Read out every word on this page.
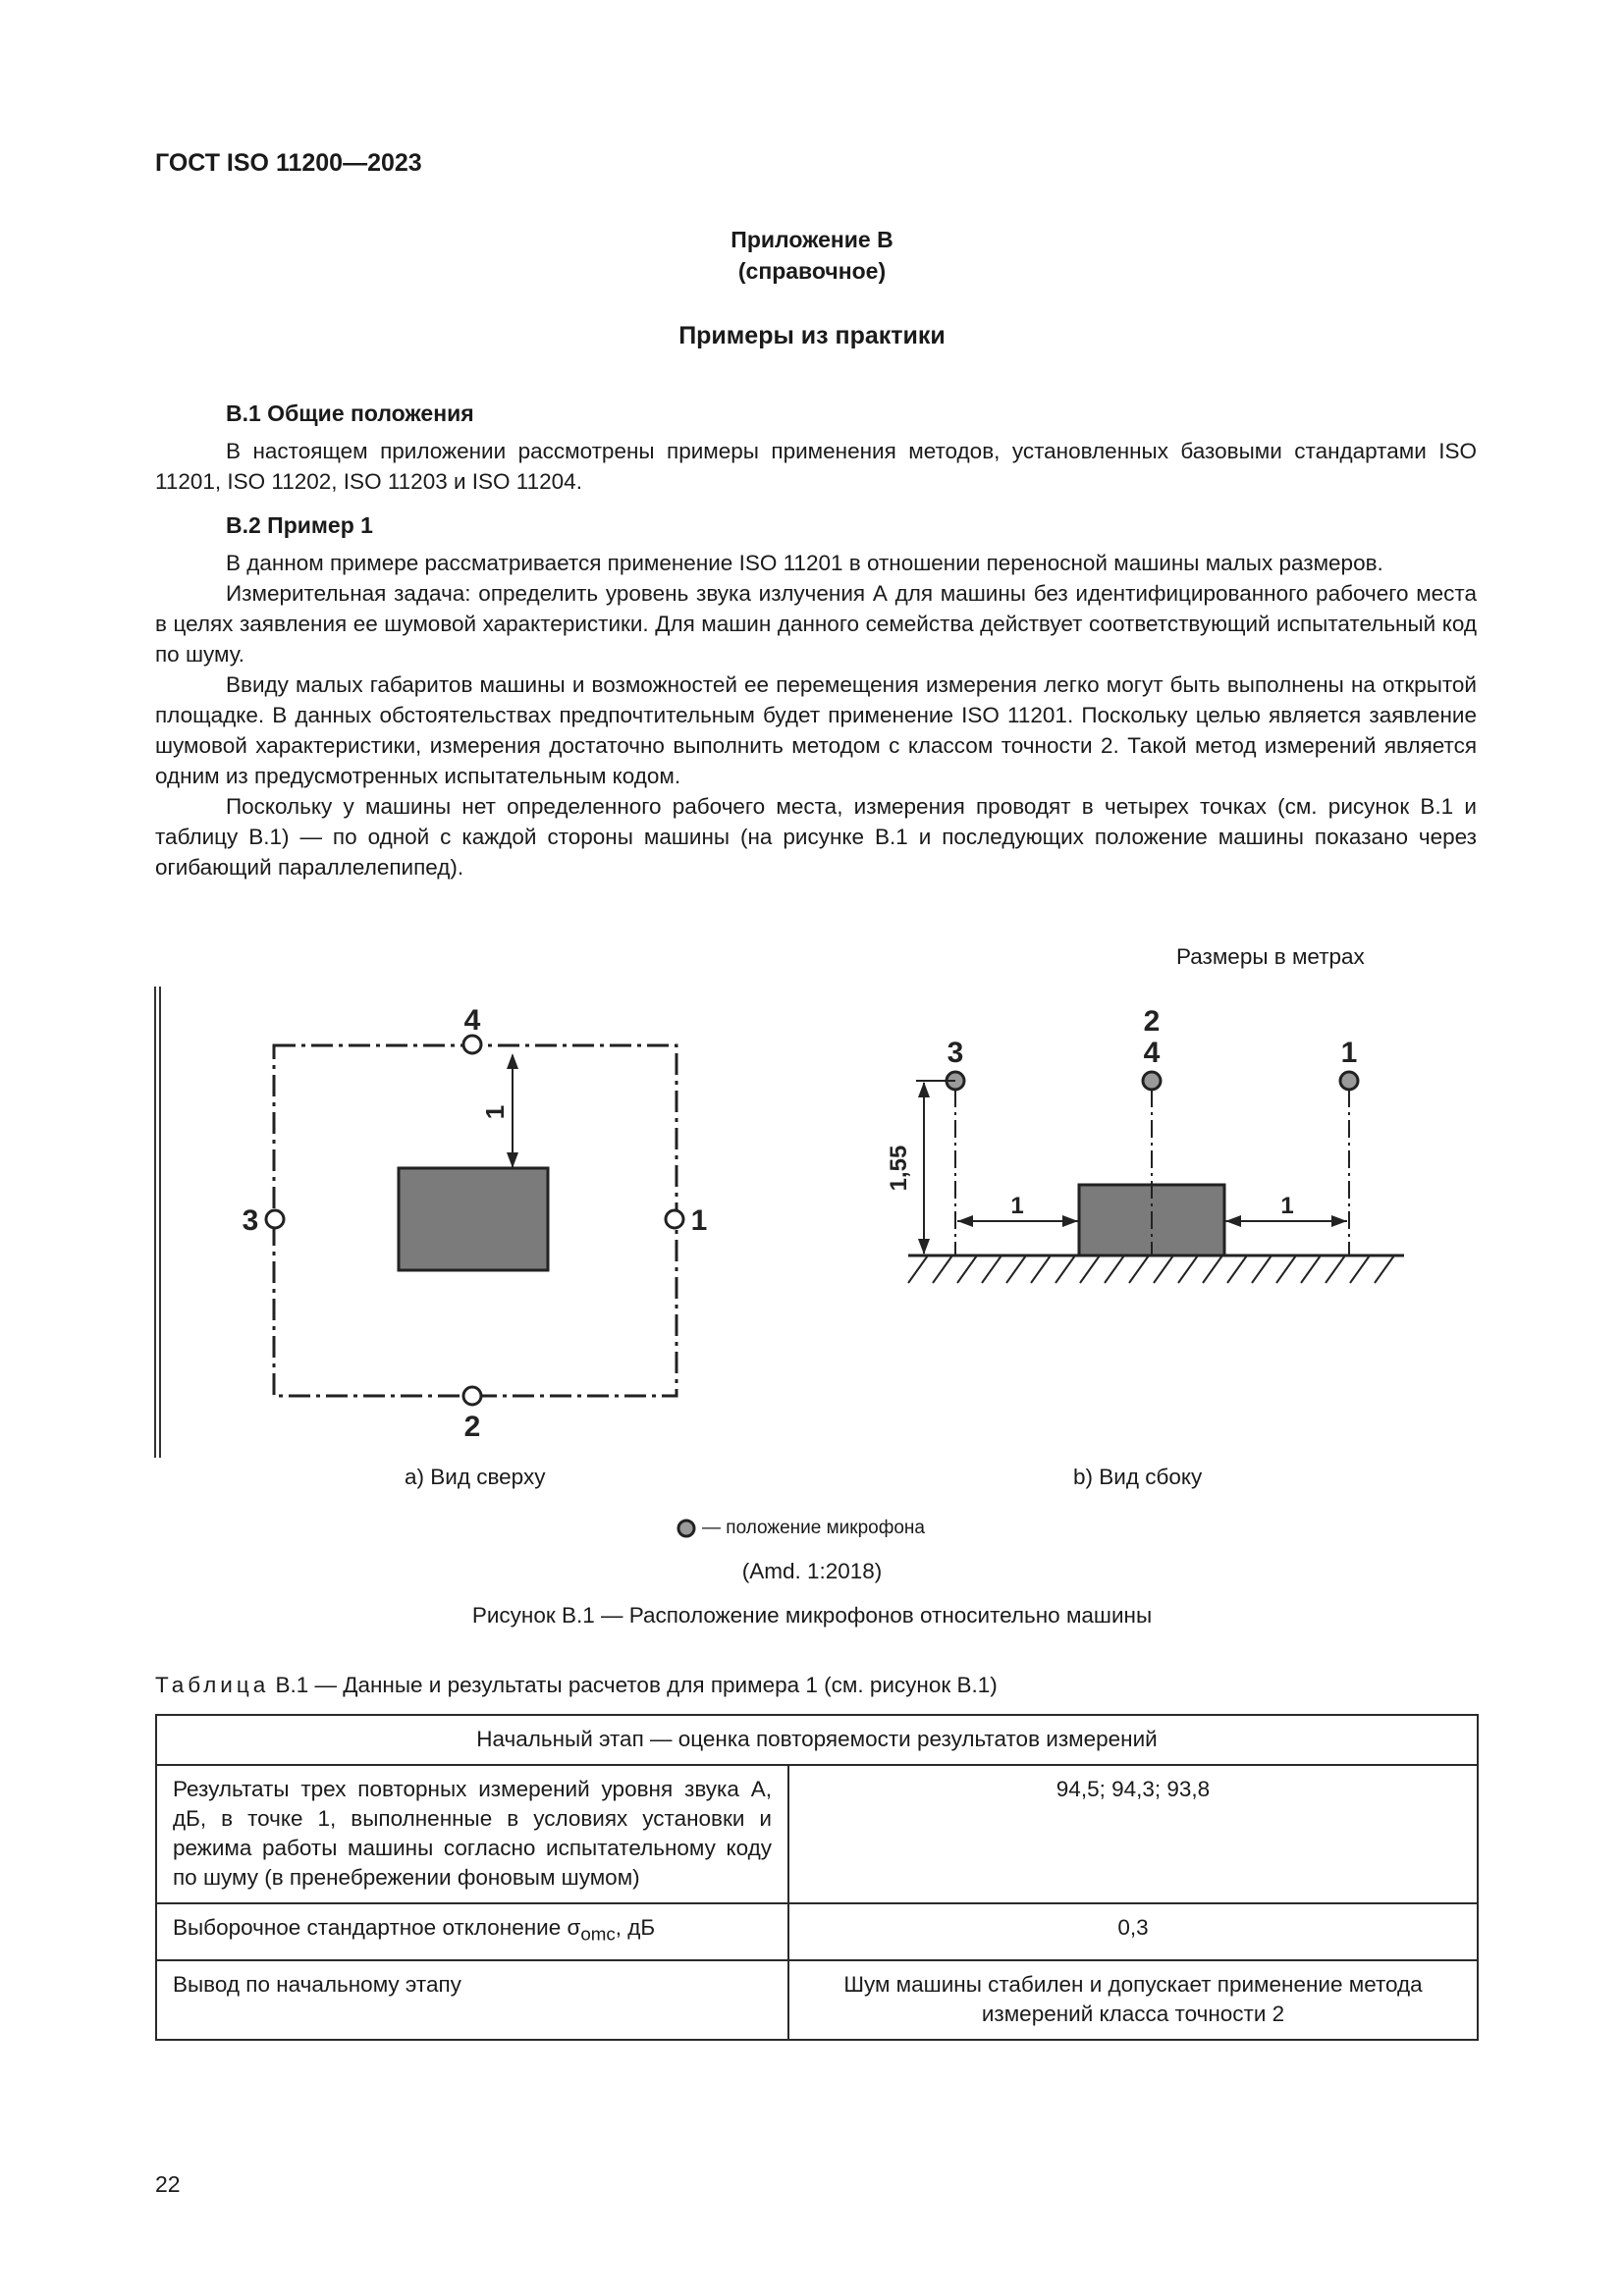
ГОСТ ISO 11200—2023
Приложение В
(справочное)
Примеры из практики
В.1 Общие положения

В настоящем приложении рассмотрены примеры применения методов, установленных базовыми стандартами ISO 11201, ISO 11202, ISO 11203 и ISO 11204.

В.2 Пример 1

В данном примере рассматривается применение ISO 11201 в отношении переносной машины малых размеров.

Измерительная задача: определить уровень звука излучения А для машины без идентифицированного рабочего места в целях заявления ее шумовой характеристики. Для машин данного семейства действует соответствующий испытательный код по шуму.

Ввиду малых габаритов машины и возможностей ее перемещения измерения легко могут быть выполнены на открытой площадке. В данных обстоятельствах предпочтительным будет применение ISO 11201. Поскольку целью является заявление шумовой характеристики, измерения достаточно выполнить методом с классом точности 2. Такой метод измерений является одним из предусмотренных испытательным кодом.

Поскольку у машины нет определенного рабочего места, измерения проводят в четырех точках (см. рисунок В.1 и таблицу В.1) — по одной с каждой стороны машины (на рисунке В.1 и последующих положение машины показано через огибающий параллелепипед).

Размеры в метрах
4
2
3	1
1
3
2
4	1
1,55
1	1
а) Вид сверху	b) Вид сбоку
— положение микрофона
(Amd. 1:2018)
Рисунок В.1 — Расположение микрофонов относительно машины
Таблица В.1 — Данные и результаты расчетов для примера 1 (см. рисунок В.1)
Начальный этап — оценка повторяемости результатов измерений	
Результаты трех повторных измерений уровня звука А, дБ, в точке 1, выполненные в условиях установки и режима работы машины согласно испытательному коду по шуму (в пренебрежении фоновым шумом)	94,5; 94,3; 93,8
Выборочное стандартное отклонение $\sigma_{omc}$, дБ	0,3
Вывод по начальному этапу	Шум машины стабилен и допускает применение метода измерений класса точности 2
22
